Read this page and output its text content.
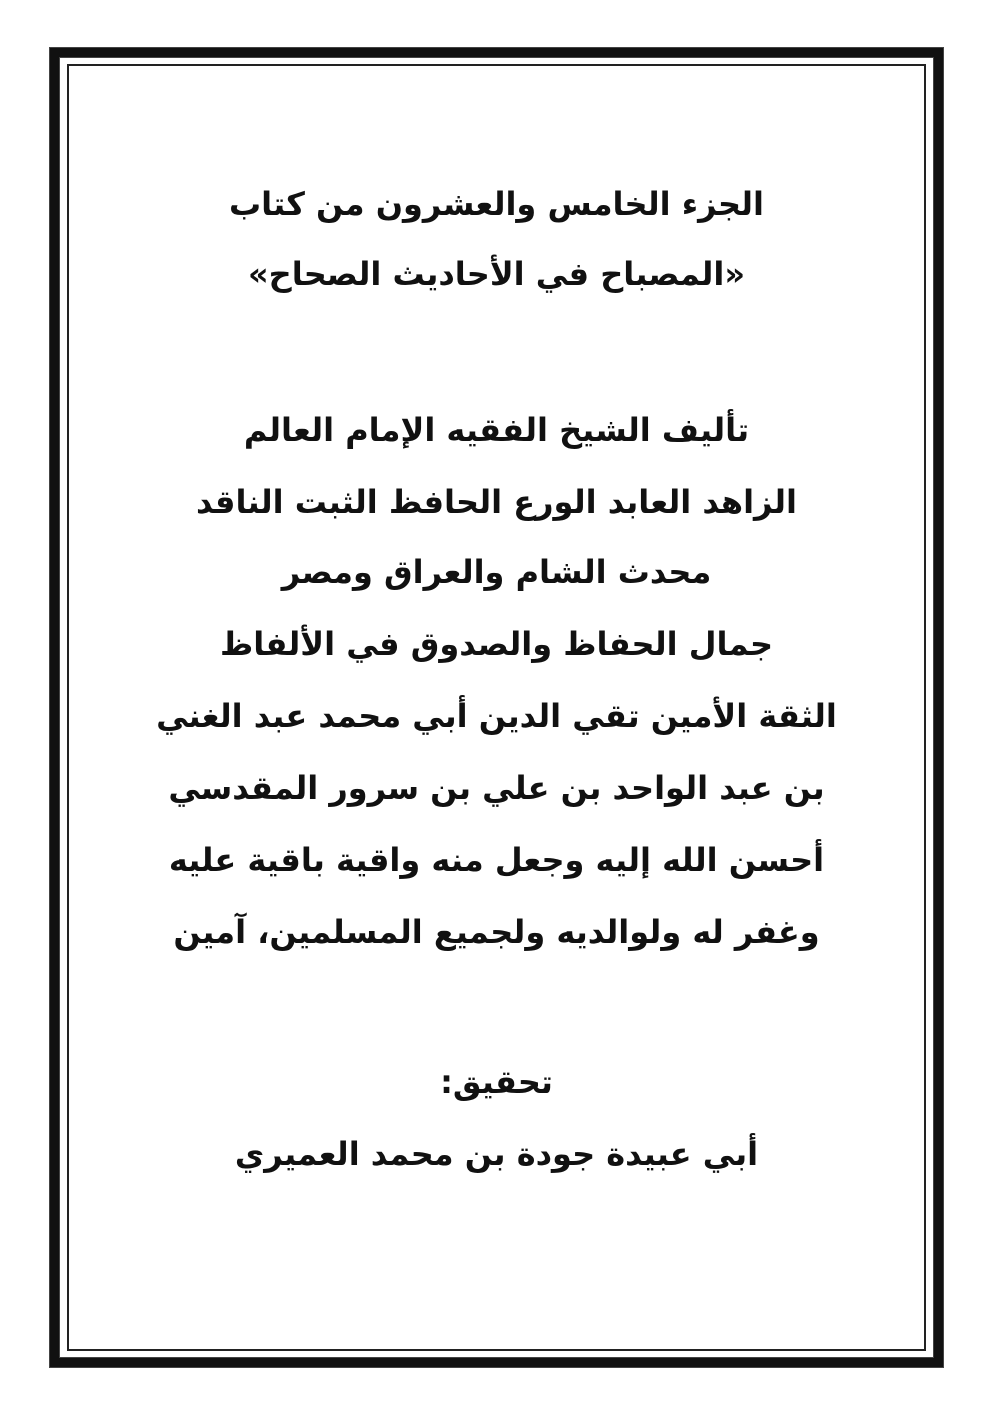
الجزء الخامس والعشرون من كتاب
«المصباح في الأحاديث الصحاح»
تأليف الشيخ الفقيه الإمام العالم
الزاهد العابد الورع الحافظ الثبت الناقد
محدث الشام والعراق ومصر
جمال الحفاظ والصدوق في الألفاظ
الثقة الأمين تقي الدين أبي محمد عبد الغني
بن عبد الواحد بن علي بن سرور المقدسي
أحسن الله إليه وجعل منه واقية باقية عليه
وغفر له ولوالديه ولجميع المسلمين، آمين
تحقيق:
أبي عبيدة جودة بن محمد العميري
